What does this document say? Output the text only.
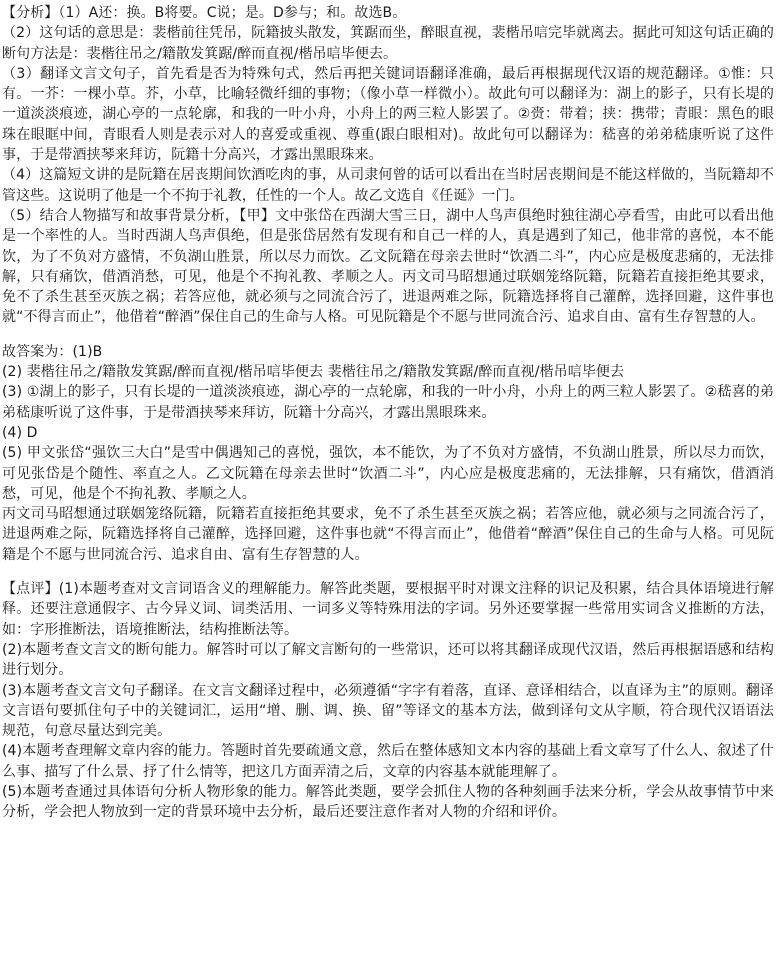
【分析】（1）A还：换。B将要。C说；是。D参与；和。故选B。

（2）这句话的意思是：裴楷前往凭吊，阮籍披头散发，箕踞而坐，醉眼直视，裴楷吊唁完毕就离去。据此可知这句话正确的断句方法是：裴楷往吊之/籍散发箕踞/醉而直视/楷吊唁毕便去。

（3）翻译文言文句子，首先看是否为特殊句式，然后再把关键词语翻译准确，最后再根据现代汉语的规范翻译。①惟：只有。一芥：一棵小草。芥，小草，比喻轻微纤细的事物；（像小草一样微小）。故此句可以翻译为：湖上的影子，只有长堤的一道淡淡痕迹，湖心亭的一点轮廓，和我的一叶小舟，小舟上的两三粒人影罢了。②赍：带着；挟：携带；青眼：黑色的眼珠在眼眶中间，青眼看人则是表示对人的喜爱或重视、尊重(跟白眼相对)。故此句可以翻译为：嵇喜的弟弟嵇康听说了这件事，于是带酒挟琴来拜访，阮籍十分高兴，才露出黑眼珠来。

（4）这篇短文讲的是阮籍在居丧期间饮酒吃肉的事，从司隶何曾的话可以看出在当时居丧期间是不能这样做的，当阮籍却不管这些。这说明了他是一个不拘于礼教，任性的一个人。故乙文选自《任诞》一门。

（5）结合人物描写和故事背景分析，【甲】文中张岱在西湖大雪三日，湖中人鸟声俱绝时独往湖心亭看雪，由此可以看出他是一个率性的人。当时西湖人鸟声俱绝，但是张岱居然有发现有和自己一样的人，真是遇到了知己，他非常的喜悦，本不能饮，为了不负对方盛情，不负湖山胜景，所以尽力而饮。乙文阮籍在母亲去世时“饮酒二斗”，内心应是极度悲痛的，无法排解，只有痛饮，借酒消愁，可见，他是个不拘礼教、孝顺之人。丙文司马昭想通过联姻笼络阮籍，阮籍若直接拒绝其要求，免不了杀生甚至灭族之祸；若答应他，就必须与之同流合污了，进退两难之际，阮籍选择将自己灌醉，选择回避，这件事也就“不得言而止”，他借着“醉酒”保住自己的生命与人格。可见阮籍是个不愿与世同流合污、追求自由、富有生存智慧的人。

故答案为：(1)B

(2) 裴楷往吊之/籍散发箕踞/醉而直视/楷吊唁毕便去 裴楷往吊之/籍散发箕踞/醉而直视/楷吊唁毕便去

(3) ①湖上的影子，只有长堤的一道淡淡痕迹，湖心亭的一点轮廓，和我的一叶小舟，小舟上的两三粒人影罢了。②嵇喜的弟弟嵇康听说了这件事，于是带酒挟琴来拜访，阮籍十分高兴，才露出黑眼珠来。

(4) D

(5) 甲文张岱“强饮三大白”是雪中偶遇知己的喜悦，强饮，本不能饮，为了不负对方盛情，不负湖山胜景，所以尽力而饮，可见张岱是个随性、率直之人。乙文阮籍在母亲去世时“饮酒二斗”，内心应是极度悲痛的，无法排解，只有痛饮，借酒消愁，可见，他是个不拘礼教、孝顺之人。

丙文司马昭想通过联姻笼络阮籍，阮籍若直接拒绝其要求，免不了杀生甚至灭族之祸；若答应他，就必须与之同流合污了，进退两难之际，阮籍选择将自己灌醉，选择回避，这件事也就“不得言而止”，他借着“醉酒”保住自己的生命与人格。可见阮籍是个不愿与世同流合污、追求自由、富有生存智慧的人。

【点评】(1)本题考查对文言词语含义的理解能力。解答此类题，要根据平时对课文注释的识记及积累，结合具体语境进行解释。还要注意通假字、古今异义词、词类活用、一词多义等特殊用法的字词。另外还要掌握一些常用实词含义推断的方法，如：字形推断法，语境推断法，结构推断法等。

(2)本题考查文言文的断句能力。解答时可以了解文言断句的一些常识，还可以将其翻译成现代汉语，然后再根据语感和结构进行划分。

(3)本题考查文言文句子翻译。在文言文翻译过程中，必须遵循“字字有着落，直译、意译相结合，以直译为主”的原则。翻译文言语句要抓住句子中的关键词汇，运用“增、删、调、换、留”等译文的基本方法，做到译句文从字顺，符合现代汉语语法规范，句意尽量达到完美。

(4)本题考查理解文章内容的能力。答题时首先要疏通文意，然后在整体感知文本内容的基础上看文章写了什么人、叙述了什么事、描写了什么景、抒了什么情等，把这几方面弄清之后，文章的内容基本就能理解了。

(5)本题考查通过具体语句分析人物形象的能力。解答此类题，要学会抓住人物的各种刻画手法来分析，学会从故事情节中来分析，学会把人物放到一定的背景环境中去分析，最后还要注意作者对人物的介绍和评价。
